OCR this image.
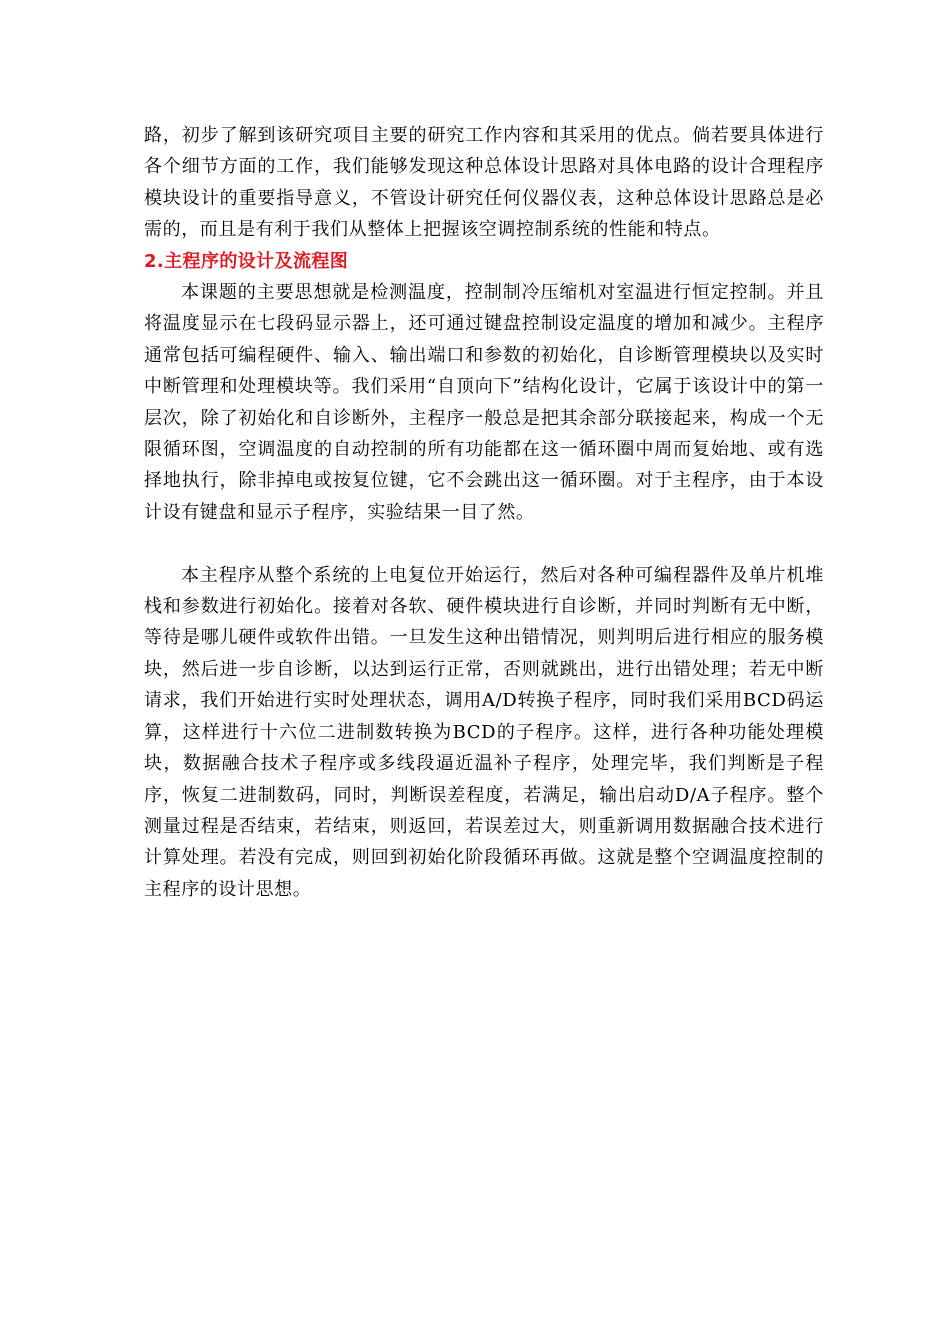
路，初步了解到该研究项目主要的研究工作内容和其采用的优点。倘若要具体进行各个细节方面的工作，我们能够发现这种总体设计思路对具体电路的设计合理程序模块设计的重要指导意义，不管设计研究任何仪器仪表，这种总体设计思路总是必需的，而且是有利于我们从整体上把握该空调控制系统的性能和特点。

2.主程序的设计及流程图

本课题的主要思想就是检测温度，控制制冷压缩机对室温进行恒定控制。并且将温度显示在七段码显示器上，还可通过键盘控制设定温度的增加和减少。主程序通常包括可编程硬件、输入、输出端口和参数的初始化，自诊断管理模块以及实时中断管理和处理模块等。我们采用“自顶向下”结构化设计，它属于该设计中的第一层次，除了初始化和自诊断外，主程序一般总是把其余部分联接起来，构成一个无限循环图，空调温度的自动控制的所有功能都在这一循环圈中周而复始地、或有选择地执行，除非掉电或按复位键，它不会跳出这一循环圈。对于主程序，由于本设计设有键盘和显示子程序，实验结果一目了然。

本主程序从整个系统的上电复位开始运行，然后对各种可编程器件及单片机堆栈和参数进行初始化。接着对各软、硬件模块进行自诊断，并同时判断有无中断，等待是哪儿硬件或软件出错。一旦发生这种出错情况，则判明后进行相应的服务模块，然后进一步自诊断，以达到运行正常，否则就跳出，进行出错处理；若无中断请求，我们开始进行实时处理状态，调用A/D转换子程序，同时我们采用BCD码运算，这样进行十六位二进制数转换为BCD的子程序。这样，进行各种功能处理模块，数据融合技术子程序或多线段逼近温补子程序，处理完毕，我们判断是子程序，恢复二进制数码，同时，判断误差程度，若满足，输出启动D/A子程序。整个测量过程是否结束，若结束，则返回，若误差过大，则重新调用数据融合技术进行计算处理。若没有完成，则回到初始化阶段循环再做。这就是整个空调温度控制的主程序的设计思想。
